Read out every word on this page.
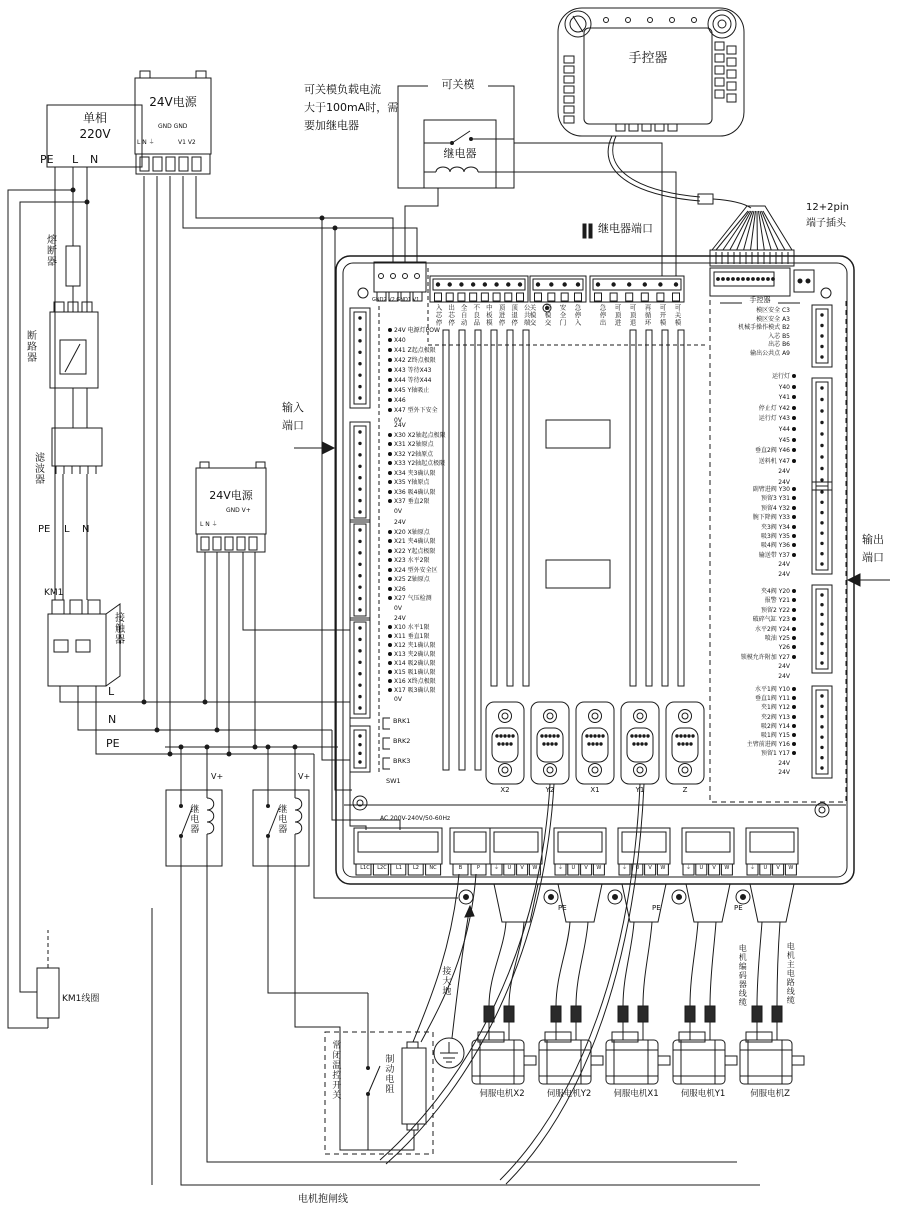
单相
220V
PE L N
熔断器
断路器
滤波器
PE L N
KM1
接触器
L
N
PE
KM1线圈
24V电源
GND GND
L N ⏚	V1 V2
24V电源
GND V+
L N ⏚
可关模负载电流
大于100mA时，需
要加继电器
可关模
继电器
手控器
12+2pin
端子插头
继电器端口
输入
端口
输出
端口
手控器
AC 200V-240V/50-60Hz
GND2 V2 GND1 V1
SW1
接大地
制动电阻
常闭温控开关
继电器	继电器
V+	V+
电机编码器线缆	电机主电路线缆
电机抱闸线
入芯停 出芯停 全自动 不良品 中板模 顶进停 顶退停 公共端
关模交 开模交 安全门 急停入	急停出 可顶进 可顶退 再循环 可开模 可关模
24V 电源灯POW
X40
X41 Z起点极限
X42 Z终点极限
X43 等待X43
X44 等待X44
X45 Y轴吸止
X46
X47 型外下安全
0V
24V
X30 X2轴起点极限
X31 X2轴原点
X32 Y2轴原点
X33 Y2轴起点极限
X34 夹3确认限
X35 Y轴原点
X36 吸4确认限
X37 垂直2限
0V
24V
X20 X轴原点
X21 夹4确认限
X22 Y起点极限
X23 水平2限
X24 型外安全区
X25 Z轴原点
X26
X27 气压检测
0V
24V
X10 水平1限
X11 垂直1限
X12 夹1确认限
X13 夹2确认限
X14 吸2确认限
X15 吸1确认限
X16 X终点极限
X17 吸3确认限
0V
BRK1
BRK2
BRK3
模区安全 C3
模区安全 A3
机械手操作模式 B2
入芯 B5
出芯 B6
输出公共点 A9
运行灯
Y40
Y41
停止灯 Y42
运行灯 Y43
Y44
Y45
垂直2阀 Y46
送料机 Y47
24V
24V
副臂进阀 Y30
预留3 Y31
预留4 Y32
腕下降阀 Y33
夹3阀 Y34
吸3阀 Y35
吸4阀 Y36
输送带 Y37
24V
24V
夹4阀 Y20
报警 Y21
预留2 Y22
破碎气缸 Y23
水平2阀 Y24
喷油 Y25
Y26
锁模允许附加 Y27
24V
24V
水平1阀 Y10
垂直1阀 Y11
夹1阀 Y12
夹2阀 Y13
吸2阀 Y14
吸1阀 Y15
主臂前进阀 Y16
预留1 Y17
24V
24V
X2	Y2	X1	Y1	Z
L1C	L2C	L1	L2	NC	B	P	⏚	U	V	W	⏚	U	V	W	⏚	U	V	W	⏚	U	V	W	⏚	U	V	W
PE	PE	PE
伺服电机X2	伺服电机Y2	伺服电机X1	伺服电机Y1	伺服电机Z
